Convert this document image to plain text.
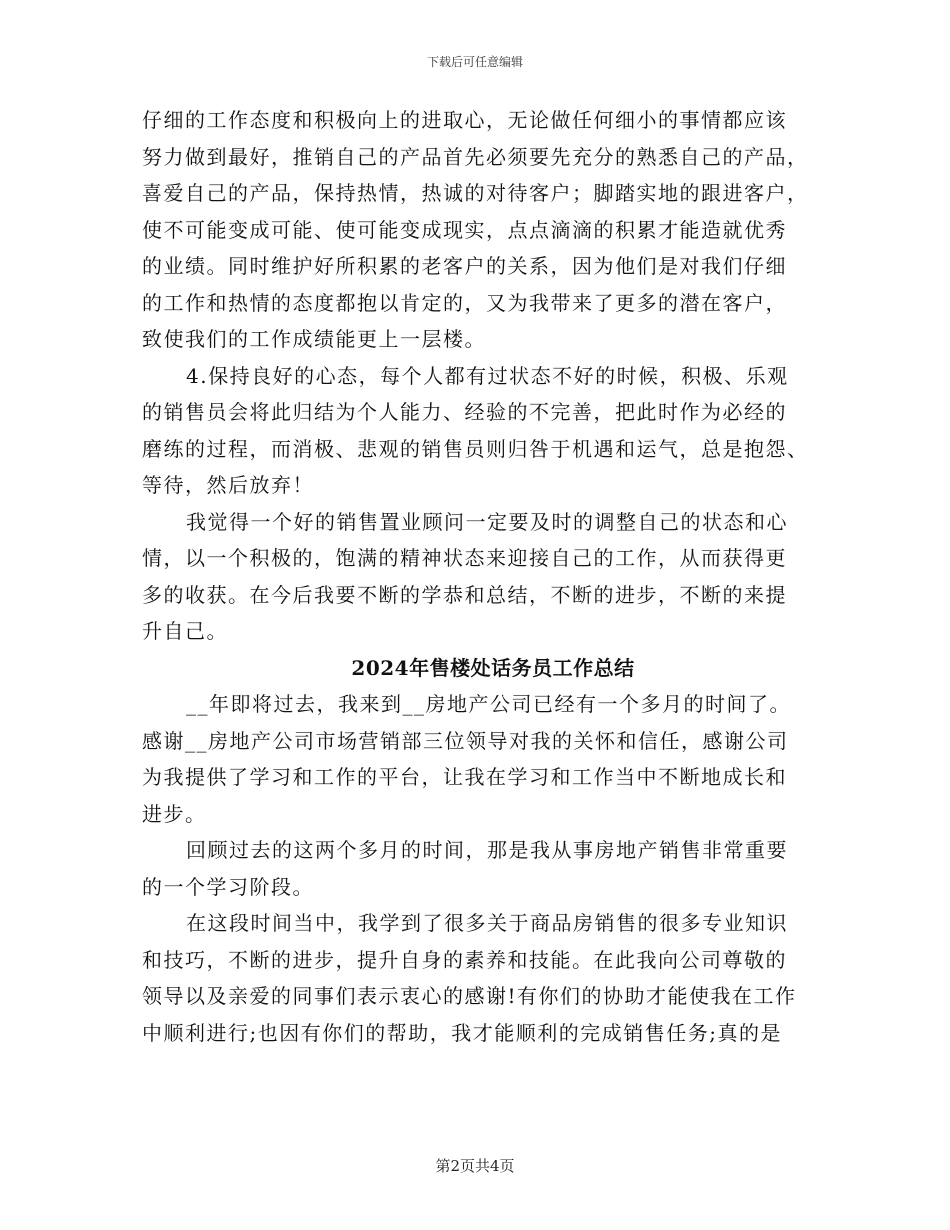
下载后可任意编辑
仔细的工作态度和积极向上的进取心，无论做任何细小的事情都应该
努力做到最好，推销自己的产品首先必须要先充分的熟悉自己的产品，
喜爱自己的产品，保持热情，热诚的对待客户；脚踏实地的跟进客户，
使不可能变成可能、使可能变成现实，点点滴滴的积累才能造就优秀
的业绩。同时维护好所积累的老客户的关系，因为他们是对我们仔细
的工作和热情的态度都抱以肯定的，又为我带来了更多的潜在客户，
致使我们的工作成绩能更上一层楼。
4.保持良好的心态，每个人都有过状态不好的时候，积极、乐观
的销售员会将此归结为个人能力、经验的不完善，把此时作为必经的
磨练的过程，而消极、悲观的销售员则归咎于机遇和运气，总是抱怨、
等待，然后放弃！
我觉得一个好的销售置业顾问一定要及时的调整自己的状态和心
情，以一个积极的，饱满的精神状态来迎接自己的工作，从而获得更
多的收获。在今后我要不断的学恭和总结，不断的进步，不断的来提
升自己。
2024年售楼处话务员工作总结
__年即将过去，我来到__房地产公司已经有一个多月的时间了。
感谢__房地产公司市场营销部三位领导对我的关怀和信任，感谢公司
为我提供了学习和工作的平台，让我在学习和工作当中不断地成长和
进步。
回顾过去的这两个多月的时间，那是我从事房地产销售非常重要
的一个学习阶段。
在这段时间当中，我学到了很多关于商品房销售的很多专业知识
和技巧，不断的进步，提升自身的素养和技能。在此我向公司尊敬的
领导以及亲爱的同事们表示衷心的感谢!有你们的协助才能使我在工作
中顺利进行;也因有你们的帮助，我才能顺利的完成销售任务;真的是
第2页共4页
